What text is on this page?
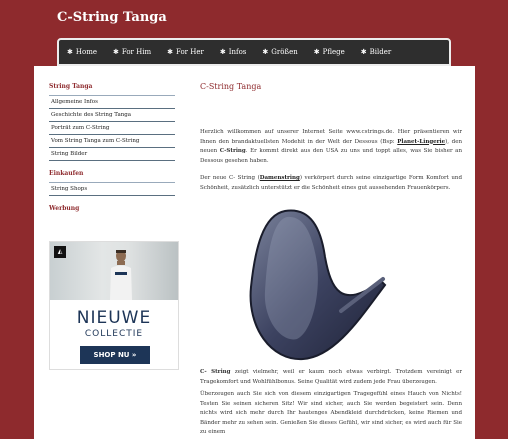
C-String Tanga
✱ Home ✱ For Him ✱ For Her ✱ Infos ✱ Größen ✱ Pflege ✱ Bilder
String Tanga
Allgemeine Infos
Geschichte des String Tanga
Porträt zum C-String
Vom String Tanga zum C-String
String Bilder
Einkaufen
String Shops
Werbung
◭
NIEUWE
COLLECTIE
SHOP NU »
C-String Tanga

Herzlich willkommen auf unserer Internet Seite www.cstrings.de. Hier präsentieren wir Ihnen den brandaktuellsten Modehit in der Welt der Dessous (Bsp: Planet-Lingerie), den neuen C-String. Er kommt direkt aus den USA zu uns und toppt alles, was Sie bisher an Dessous gesehen haben.

Der neue C- String (Damenstring) verkörpert durch seine einzigartige Form Komfort und Schönheit, zusätzlich unterstützt er die Schönheit eines gut aussehenden Frauenkörpers.

C- String zeigt vielmehr, weil er kaum noch etwas verbirgt. Trotzdem vereinigt er Tragekomfort und Wohlfühlbonus. Seine Qualität wird zudem jede Frau überzeugen.

Überzeugen auch Sie sich von diesem einzigartigen Tragegefühl eines Hauch von Nichts! Testen Sie seinen sicheren Sitz! Wir sind sicher, auch Sie werden begeistert sein. Denn nichts wird sich mehr durch Ihr hautenges Abendkleid durchdrücken, keine Riemen und Bänder mehr zu sehen sein. Genießen Sie dieses Gefühl, wir sind sicher, es wird auch für Sie zu einem
